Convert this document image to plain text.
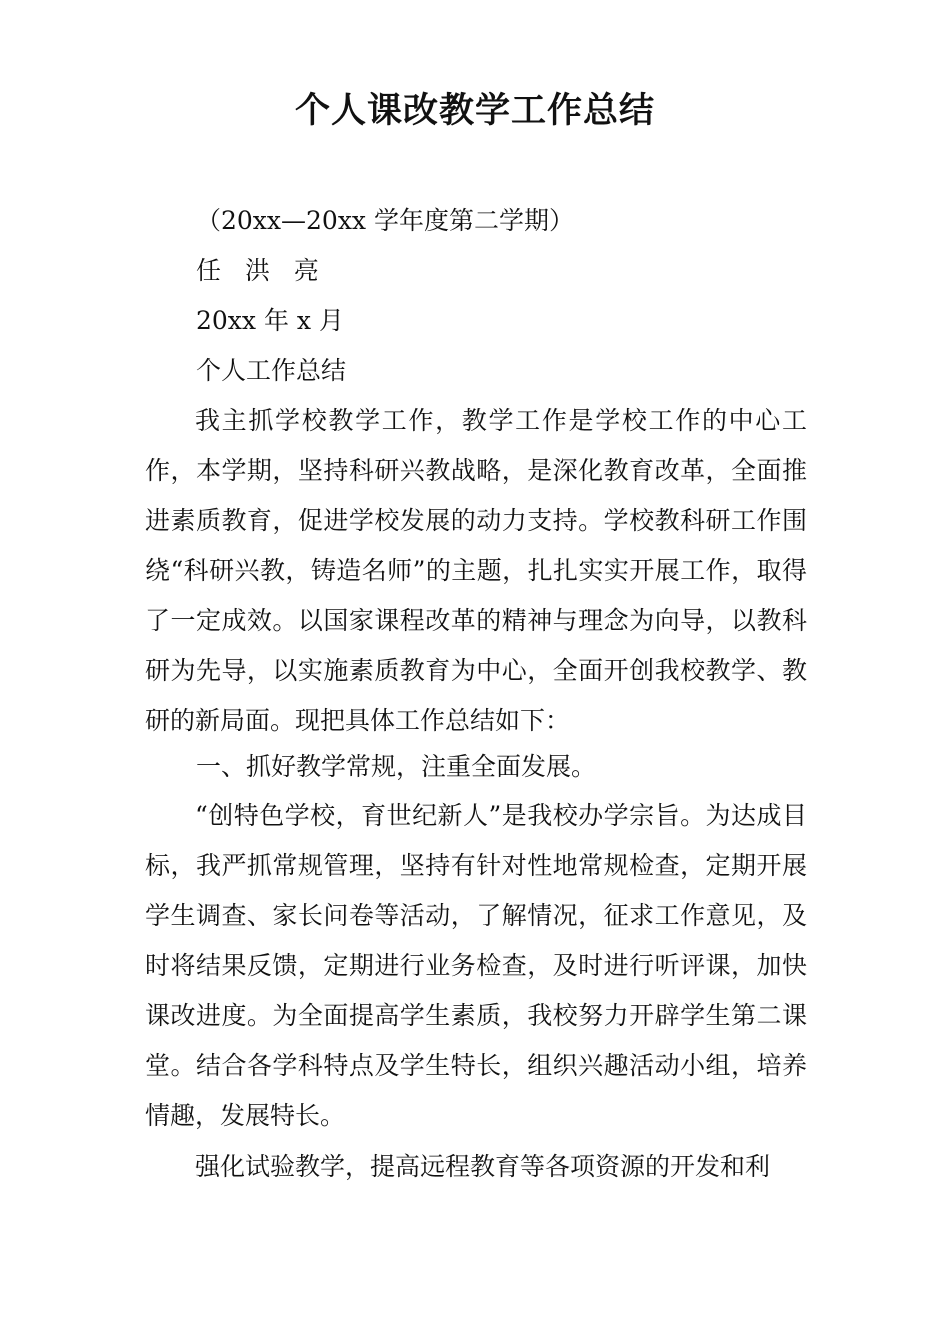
个人课改教学工作总结

（20xx—20xx 学年度第二学期）

任 洪 亮

20xx 年 x 月

个人工作总结

我主抓学校教学工作，教学工作是学校工作的中心工作，本学期，坚持科研兴教战略，是深化教育改革，全面推进素质教育，促进学校发展的动力支持。学校教科研工作围绕“科研兴教，铸造名师”的主题，扎扎实实开展工作，取得了一定成效。以国家课程改革的精神与理念为向导，以教科研为先导，以实施素质教育为中心，全面开创我校教学、教研的新局面。现把具体工作总结如下：

一、抓好教学常规，注重全面发展。

“创特色学校，育世纪新人”是我校办学宗旨。为达成目标，我严抓常规管理，坚持有针对性地常规检查，定期开展学生调查、家长问卷等活动，了解情况，征求工作意见，及时将结果反馈，定期进行业务检查，及时进行听评课，加快课改进度。为全面提高学生素质，我校努力开辟学生第二课堂。结合各学科特点及学生特长，组织兴趣活动小组，培养情趣，发展特长。

强化试验教学，提高远程教育等各项资源的开发和利
